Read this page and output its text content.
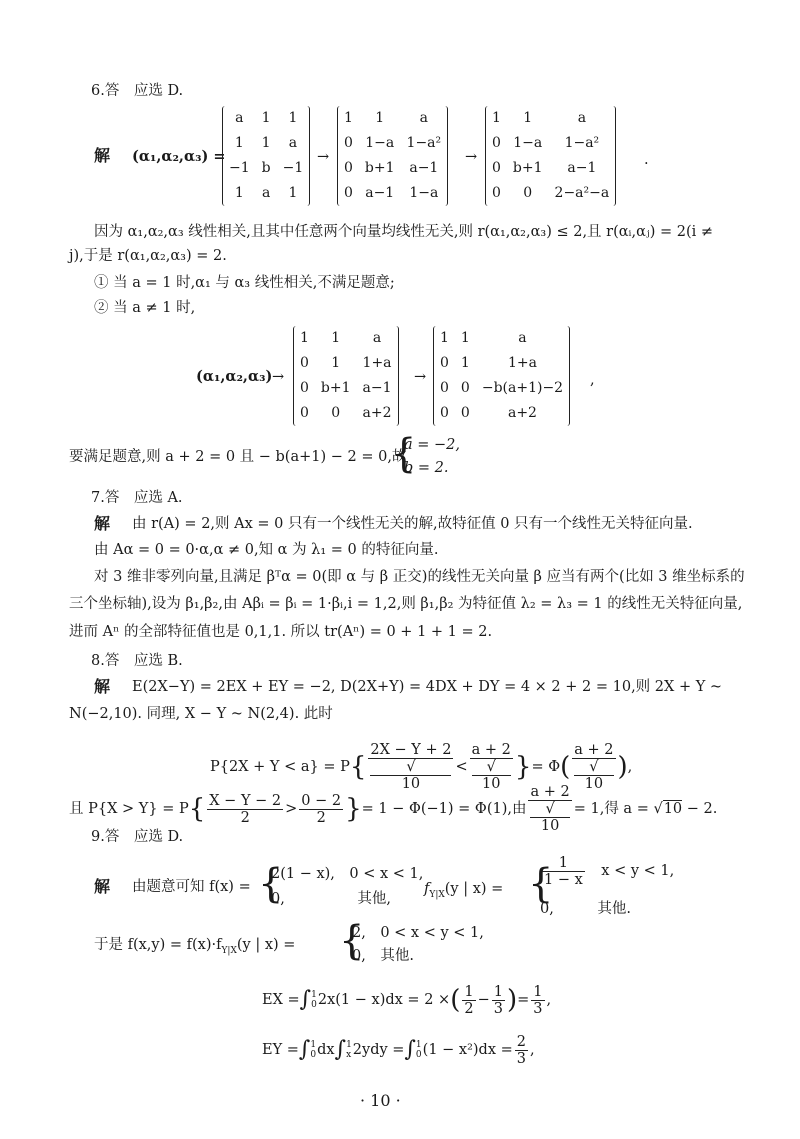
6.答　应选 D.
解 (α₁,α₂,α₃) =
a	1	1
1	1	a
−1	b	−1
1	a	1
→
1	1	a
0	1−a	1−a²
0	b+1	a−1
0	a−1	1−a
→
1	1	a
0	1−a	1−a²
0	b+1	a−1
0	0	2−a²−a
.
因为 α₁,α₂,α₃ 线性相关,且其中任意两个向量均线性无关,则 r(α₁,α₂,α₃) ≤ 2,且 r(αᵢ,αⱼ) = 2(i ≠
j),于是 r(α₁,α₂,α₃) = 2.
① 当 a = 1 时,α₁ 与 α₃ 线性相关,不满足题意;
② 当 a ≠ 1 时,
(α₁,α₂,α₃) →
1	1	a
0	1	1+a
0	b+1	a−1
0	0	a+2
→
1	1	a
0	1	1+a
0	0	−b(a+1)−2
0	0	a+2
,
要满足题意,则 a + 2 = 0 且 − b(a+1) − 2 = 0,故
{
a = −2,
b = 2.
7.答　应选 A.
解 由 r(A) = 2,则 Ax = 0 只有一个线性无关的解,故特征值 0 只有一个线性无关特征向量.
由 Aα = 0 = 0·α,α ≠ 0,知 α 为 λ₁ = 0 的特征向量.
对 3 维非零列向量,且满足 βᵀα = 0(即 α 与 β 正交)的线性无关向量 β 应当有两个(比如 3 维坐标系的
三个坐标轴),设为 β₁,β₂,由 Aβᵢ = βᵢ = 1·βᵢ,i = 1,2,则 β₁,β₂ 为特征值 λ₂ = λ₃ = 1 的线性无关特征向量,
进而 Aⁿ 的全部特征值也是 0,1,1. 所以 tr(Aⁿ) = 0 + 1 + 1 = 2.
8.答　应选 B.
解 E(2X−Y) = 2EX + EY = −2, D(2X+Y) = 4DX + DY = 4 × 2 + 2 = 10,则 2X + Y ~
N(−2,10). 同理, X − Y ~ N(2,4). 此时
P{2X + Y < a} = P{ 2X − Y + 2
√
10 < a + 2
√
10 }= Φ( a + 2
√
10 ),
且 $P\{X > Y\} = P\{ \frac{X - Y - 2}{2} > \frac{0 - 2}{2}$ }= 1 − Φ(−1) = Φ(1),由 a + 2
√
10 = 1,得 a = √10 − 2.
9.答　应选 D.
解 由题意可知 f(x) = {
2(1 − x),　0 < x < 1,
0,　　　　　其他,
$f_{Y|X}(y$ | x) = {
$\frac{1}{1 - x}$
　 x < y < 1,
0,　　　其他.
于是 $f(x,y) = f(x)\cdot f_{Y|X}(y$ | x) = {
2,　0 < x < y < 1,
0,　其他.
EX =∫1
02x(1 − x)dx = 2 ×( $\frac{1}{2} - \frac{1}{3}$ )= $\frac{1}{3}$ ,
EY =∫1
0dx∫1
x 2ydy =∫1
$0(1 - x^2)dx = \frac{2}{3}$ ,
· 10 ·
